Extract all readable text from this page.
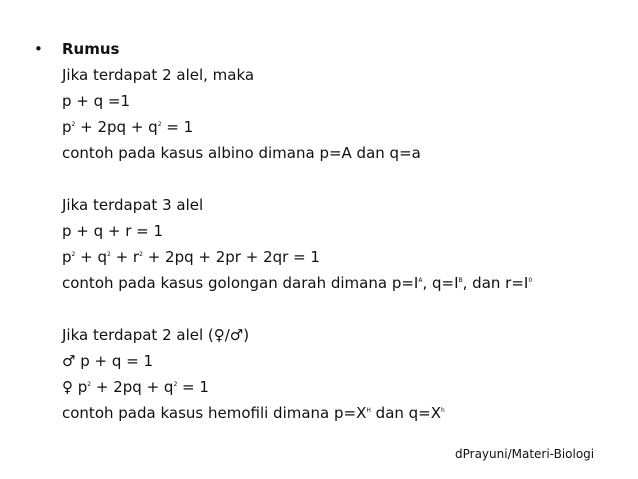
• Rumus
Jika terdapat 2 alel, maka
p + q =1
$p^2 + 2pq + q^2 = 1$
contoh pada kasus albino dimana p=A dan q=a
Jika terdapat 3 alel
p + q + r = 1
$p^2 + q^2 + r^2 + 2pq + 2pr + 2qr = 1$
contoh pada kasus golongan darah dimana $p=I^A$, $q=I^B$, dan $r=I^0$
Jika terdapat 2 alel (♀/♂)
♂ p + q = 1
♀ $p^2 + 2pq + q^2 = 1$
contoh pada kasus hemofili dimana $p=X^H$ dan $q=X^h$
dPrayuni/Materi-Biologi
